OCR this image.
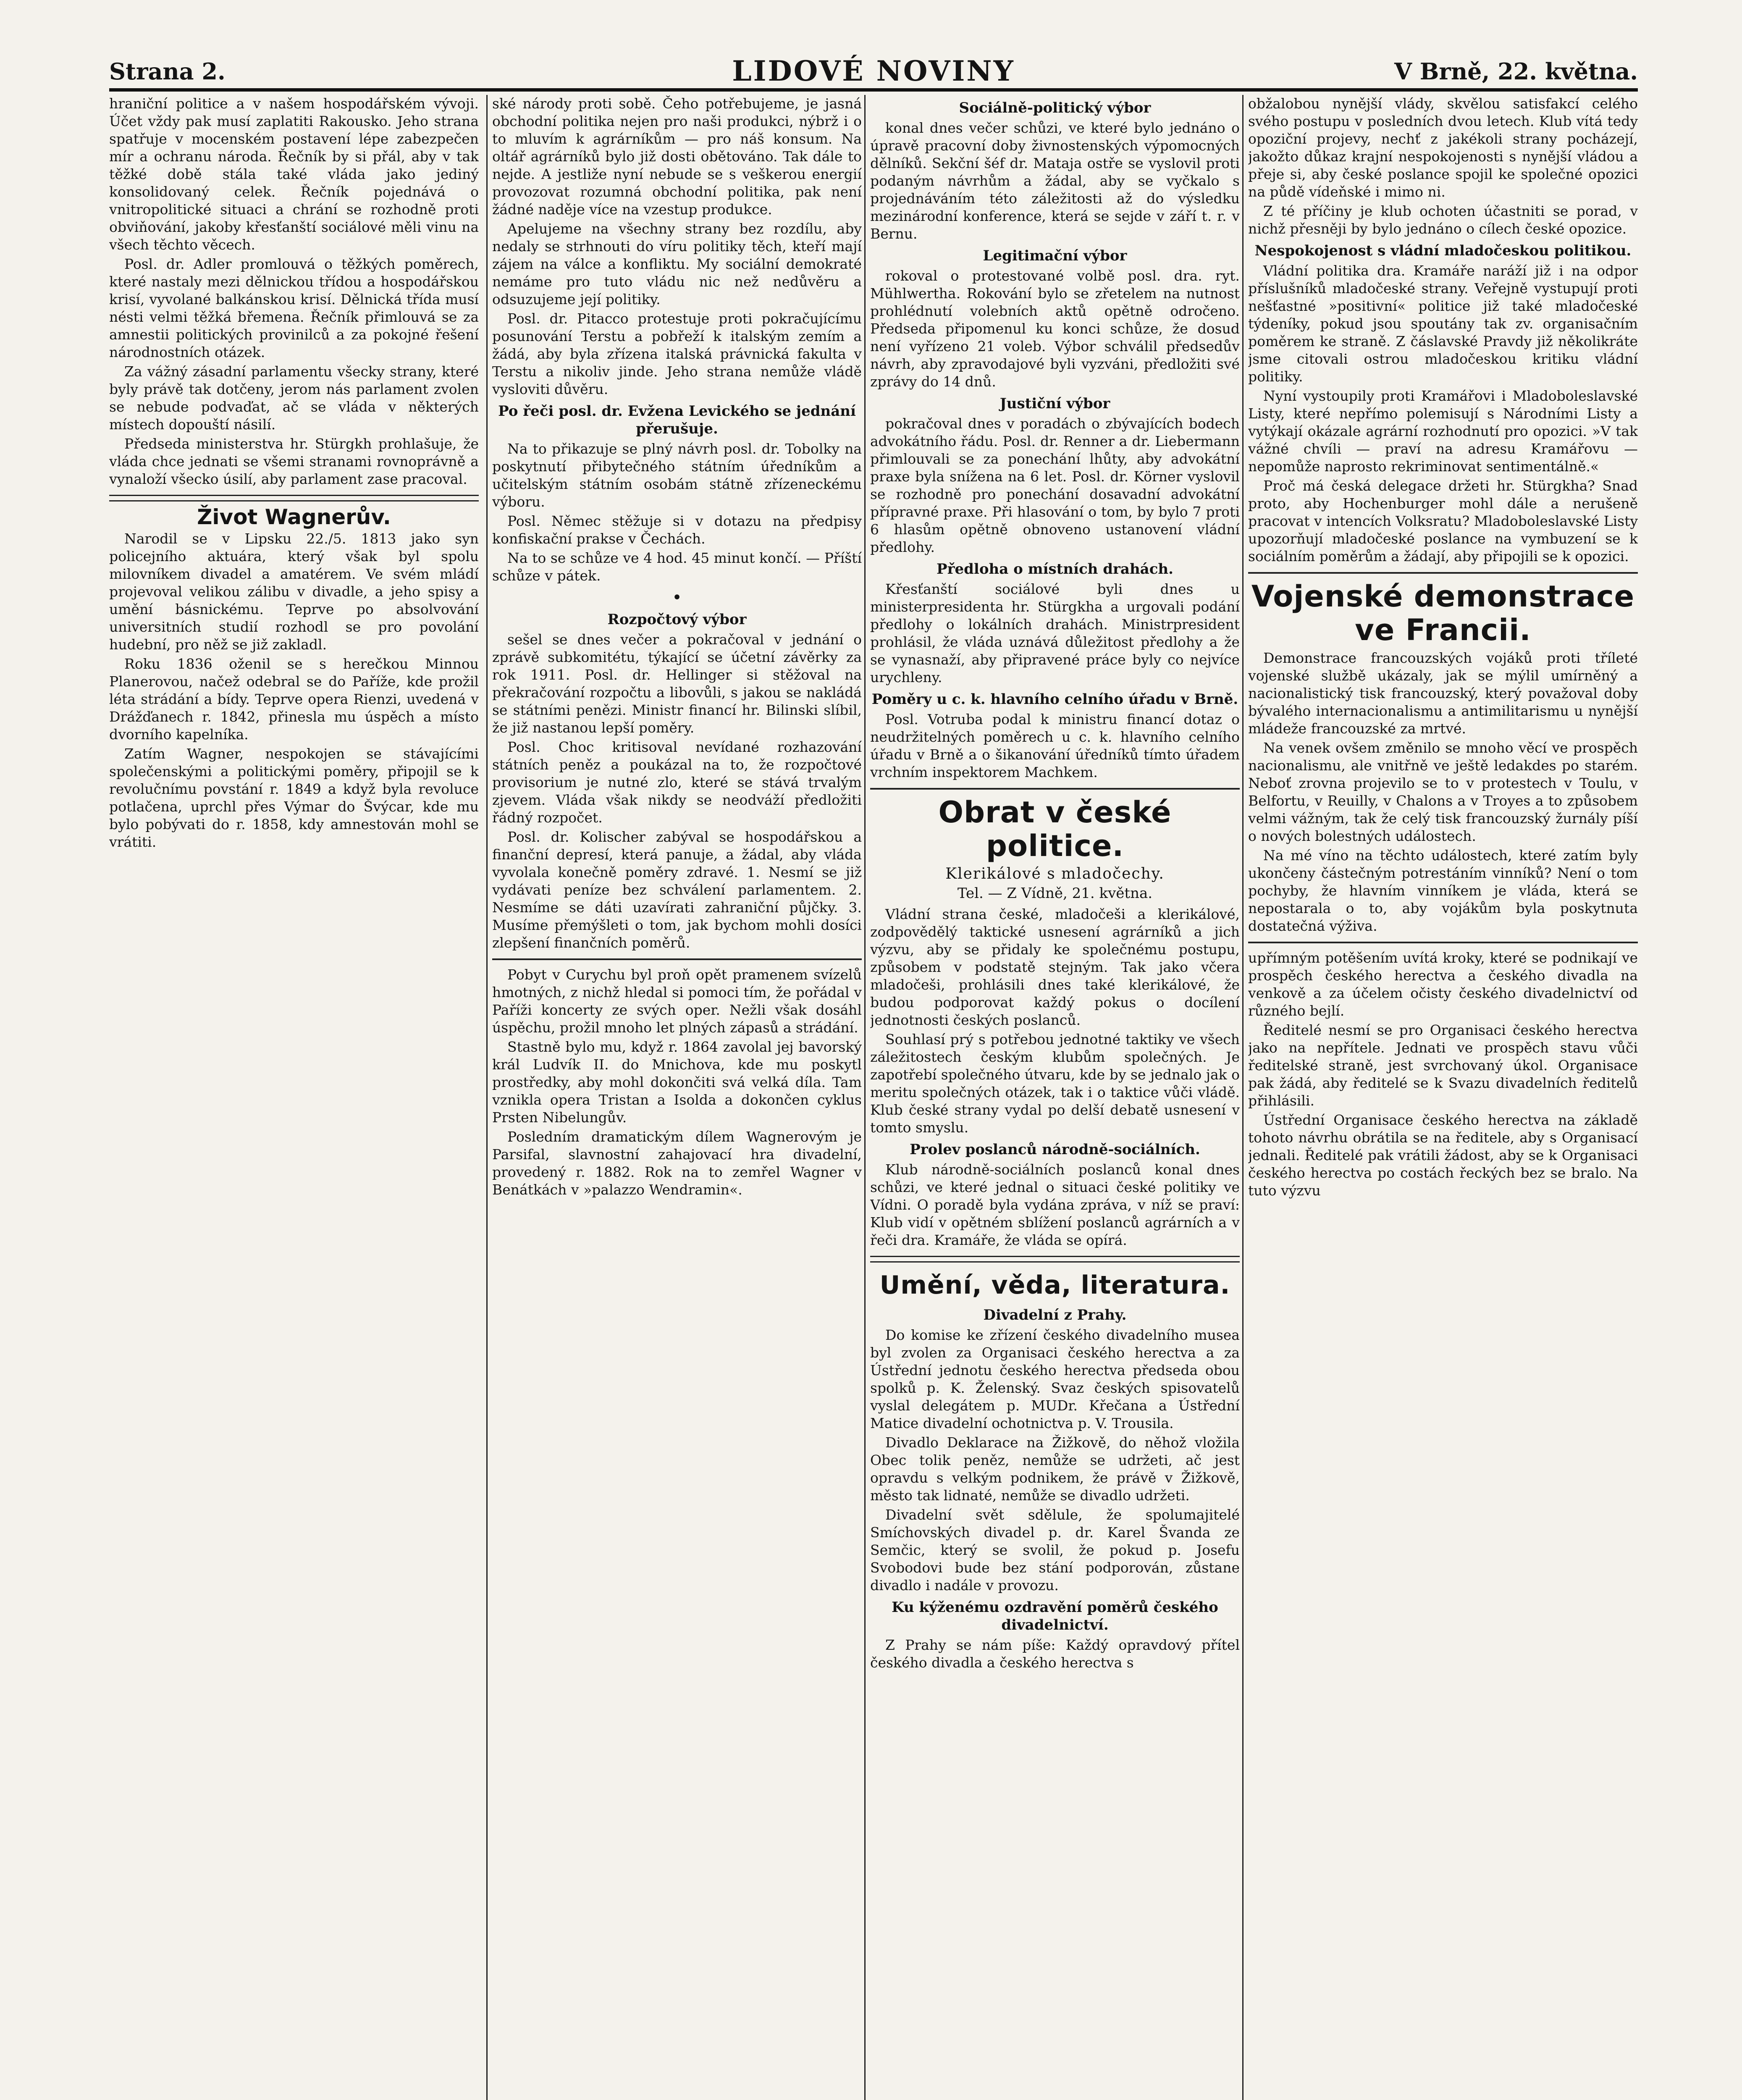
Strana 2.	LIDOVÉ NOVINY	V Brně, 22. května.

hraniční politice a v našem hospodářském vývoji. Účet vždy pak musí zaplatiti Rakousko. Jeho strana spatřuje v mocenském postavení lépe zabezpečen mír a ochranu národa. Řečník by si přál, aby v tak těžké době stála také vláda jako jediný konsolidovaný celek. Řečník pojednává o vnitropolitické situaci a chrání se rozhodně proti obviňování, jakoby křesťanští sociálové měli vinu na všech těchto věcech.

Posl. dr. Adler promlouvá o těžkých poměrech, které nastaly mezi dělnickou třídou a hospodářskou krisí, vyvolané balkánskou krisí. Dělnická třída musí nésti velmi těžká břemena. Řečník přimlouvá se za amnestii politických provinilců a za pokojné řešení národnostních otázek.

Za vážný zásadní parlamentu všecky strany, které byly právě tak dotčeny, jerom nás parlament zvolen se nebude podvaďat, ač se vláda v některých místech dopouští násilí.

Předseda ministerstva hr. Stürgkh prohlašuje, že vláda chce jednati se všemi stranami rovnoprávně a vynaloží všecko úsilí, aby parlament zase pracoval.

Život Wagnerův.

Narodil se v Lipsku 22./5. 1813 jako syn policejního aktuára, který však byl spolu milovníkem divadel a amatérem. Ve svém mládí projevoval velikou zálibu v divadle, a jeho spisy a umění básnickému. Teprve po absolvování universitních studií rozhodl se pro povolání hudební, pro něž se již zakladl.

Roku 1836 oženil se s herečkou Minnou Planerovou, načež odebral se do Paříže, kde prožil léta strádání a bídy. Teprve opera Rienzi, uvedená v Drážďanech r. 1842, přinesla mu úspěch a místo dvorního kapelníka.

Zatím Wagner, nespokojen se stávajícími společenskými a politickými poměry, připojil se k revolučnímu povstání r. 1849 a když byla revoluce potlačena, uprchl přes Výmar do Švýcar, kde mu bylo pobývati do r. 1858, kdy amnestován mohl se vrátiti.

ské národy proti sobě. Čeho potřebujeme, je jasná obchodní politika nejen pro naši produkci, nýbrž i o to mluvím k agrárníkům — pro náš konsum. Na oltář agrárníků bylo již dosti obětováno. Tak dále to nejde. A jestliže nyní nebude se s veškerou energií provozovat rozumná obchodní politika, pak není žádné naděje více na vzestup produkce.

Apelujeme na všechny strany bez rozdílu, aby nedaly se strhnouti do víru politiky těch, kteří mají zájem na válce a konfliktu. My sociální demokraté nemáme pro tuto vládu nic než nedůvěru a odsuzujeme její politiky.

Posl. dr. Pitacco protestuje proti pokračujícímu posunování Terstu a pobřeží k italským zemím a žádá, aby byla zřízena italská právnická fakulta v Terstu a nikoliv jinde. Jeho strana nemůže vládě vysloviti důvěru.

Po řeči posl. dr. Evžena Levického se jednání přerušuje.

Na to přikazuje se plný návrh posl. dr. Tobolky na poskytnutí přibytečného státním úředníkům a učitelským státním osobám státně zřízeneckému výboru.

Posl. Němec stěžuje si v dotazu na předpisy konfiskační prakse v Čechách.

Na to se schůze ve 4 hod. 45 minut končí. — Příští schůze v pátek.

•
Rozpočtový výbor

sešel se dnes večer a pokračoval v jednání o zprávě subkomitétu, týkající se účetní závěrky za rok 1911. Posl. dr. Hellinger si stěžoval na překračování rozpočtu a libovůli, s jakou se nakládá se státními penězi. Ministr financí hr. Bilinski slíbil, že již nastanou lepší poměry.

Posl. Choc kritisoval nevídané rozhazování státních peněz a poukázal na to, že rozpočtové provisorium je nutné zlo, které se stává trvalým zjevem. Vláda však nikdy se neodváží předložiti řádný rozpočet.

Posl. dr. Kolischer zabýval se hospodářskou a finanční depresí, která panuje, a žádal, aby vláda vyvolala konečně poměry zdravé. 1. Nesmí se již vydávati peníze bez schválení parlamentem. 2. Nesmíme se dáti uzavírati zahraniční půjčky. 3. Musíme přemýšleti o tom, jak bychom mohli dosíci zlepšení finančních poměrů.

Pobyt v Curychu byl proň opět pramenem svízelů hmotných, z nichž hledal si pomoci tím, že pořádal v Paříži koncerty ze svých oper. Nežli však dosáhl úspěchu, prožil mnoho let plných zápasů a strádání.

Stastně bylo mu, když r. 1864 zavolal jej bavorský král Ludvík II. do Mnichova, kde mu poskytl prostředky, aby mohl dokončiti svá velká díla. Tam vznikla opera Tristan a Isolda a dokončen cyklus Prsten Nibelungův.

Posledním dramatickým dílem Wagnerovým je Parsifal, slavnostní zahajovací hra divadelní, provedený r. 1882. Rok na to zemřel Wagner v Benátkách v »palazzo Wendramin«.

Sociálně-politický výbor

konal dnes večer schůzi, ve které bylo jednáno o úpravě pracovní doby živnostenských výpomocných dělníků. Sekční šéf dr. Mataja ostře se vyslovil proti podaným návrhům a žádal, aby se vyčkalo s projednáváním této záležitosti až do výsledku mezinárodní konference, která se sejde v září t. r. v Bernu.

Legitimační výbor

rokoval o protestované volbě posl. dra. ryt. Mühlwertha. Rokování bylo se zřetelem na nutnost prohlédnutí volebních aktů opětně odročeno. Předseda připomenul ku konci schůze, že dosud není vyřízeno 21 voleb. Výbor schválil předsedův návrh, aby zpravodajové byli vyzváni, předložiti své zprávy do 14 dnů.

Justiční výbor

pokračoval dnes v poradách o zbývajících bodech advokátního řádu. Posl. dr. Renner a dr. Liebermann přimlouvali se za ponechání lhůty, aby advokátní praxe byla snížena na 6 let. Posl. dr. Körner vyslovil se rozhodně pro ponechání dosavadní advokátní přípravné praxe. Při hlasování o tom, by bylo 7 proti 6 hlasům opětně obnoveno ustanovení vládní předlohy.

Předloha o místních drahách.

Křesťanští sociálové byli dnes u ministerpresidenta hr. Stürgkha a urgovali podání předlohy o lokálních drahách. Ministrpresident prohlásil, že vláda uznává důležitost předlohy a že se vynasnaží, aby připravené práce byly co nejvíce urychleny.

Poměry u c. k. hlavního celního úřadu v Brně.

Posl. Votruba podal k ministru financí dotaz o neudržitelných poměrech u c. k. hlavního celního úřadu v Brně a o šikanování úředníků tímto úřadem vrchním inspektorem Machkem.

Obrat v české politice.
Klerikálové s mladočechy.
Tel. — Z Vídně, 21. května.

Vládní strana české, mladočeši a klerikálové, zodpovědělý taktické usnesení agrárníků a jich výzvu, aby se přidaly ke společnému postupu, způsobem v podstatě stejným. Tak jako včera mladočeši, prohlásili dnes také klerikálové, že budou podporovat každý pokus o docílení jednotnosti českých poslanců.

Souhlasí prý s potřebou jednotné taktiky ve všech záležitostech českým klubům společných. Je zapotřebí společného útvaru, kde by se jednalo jak o meritu společných otázek, tak i o taktice vůči vládě. Klub české strany vydal po delší debatě usnesení v tomto smyslu.

Prolev poslanců národně-sociálních.

Klub národně-sociálních poslanců konal dnes schůzi, ve které jednal o situaci české politiky ve Vídni. O poradě byla vydána zpráva, v níž se praví: Klub vidí v opětném sblížení poslanců agrárních a v řeči dra. Kramáře, že vláda se opírá.

Umění, věda, literatura.
Divadelní z Prahy.

Do komise ke zřízení českého divadelního musea byl zvolen za Organisaci českého herectva a za Ústřední jednotu českého herectva předseda obou spolků p. K. Želenský. Svaz českých spisovatelů vyslal delegátem p. MUDr. Křečana a Ústřední Matice divadelní ochotnictva p. V. Trousila.

Divadlo Deklarace na Žižkově, do něhož vložila Obec tolik peněz, nemůže se udržeti, ač jest opravdu s velkým podnikem, že právě v Žižkově, město tak lidnaté, nemůže se divadlo udržeti.

Divadelní svět sdělule, že spolumajitelé Smíchovských divadel p. dr. Karel Švanda ze Semčic, který se svolil, že pokud p. Josefu Svobodovi bude bez stání podporován, zůstane divadlo i nadále v provozu.

Ku kýženému ozdravění poměrů českého divadelnictví.

Z Prahy se nám píše: Každý opravdový přítel českého divadla a českého herectva s

obžalobou nynější vlády, skvělou satisfakcí celého svého postupu v posledních dvou letech. Klub vítá tedy opoziční projevy, nechť z jakékoli strany pocházejí, jakožto důkaz krajní nespokojenosti s nynější vládou a přeje si, aby české poslance spojil ke společné opozici na půdě vídeňské i mimo ni.

Z té příčiny je klub ochoten účastniti se porad, v nichž přesněji by bylo jednáno o cílech české opozice.

Nespokojenost s vládní mladočeskou politikou.

Vládní politika dra. Kramáře naráží již i na odpor příslušníků mladočeské strany. Veřejně vystupují proti nešťastné »positivní« politice již také mladočeské týdeníky, pokud jsou spoutány tak zv. organisačním poměrem ke straně. Z čáslavské Pravdy již několikráte jsme citovali ostrou mladočeskou kritiku vládní politiky.

Nyní vystoupily proti Kramářovi i Mladoboleslavské Listy, které nepřímo polemisují s Národními Listy a vytýkají okázale agrární rozhodnutí pro opozici. »V tak vážné chvíli — praví na adresu Kramářovu — nepomůže naprosto rekriminovat sentimentálně.«

Proč má česká delegace držeti hr. Stürgkha? Snad proto, aby Hochenburger mohl dále a nerušeně pracovat v intencích Volksratu? Mladoboleslavské Listy upozorňují mladočeské poslance na vymbuzení se k sociálním poměrům a žádají, aby připojili se k opozici.

Vojenské demonstrace ve Francii.

Demonstrace francouzských vojáků proti tříleté vojenské službě ukázaly, jak se mýlil umírněný a nacionalistický tisk francouzský, který považoval doby bývalého internacionalismu a antimilitarismu u nynější mládeže francouzské za mrtvé.

Na venek ovšem změnilo se mnoho věcí ve prospěch nacionalismu, ale vnitřně ve ještě ledakdes po starém. Neboť zrovna projevilo se to v protestech v Toulu, v Belfortu, v Reuilly, v Chalons a v Troyes a to způsobem velmi vážným, tak že celý tisk francouzský žurnály píší o nových bolestných událostech.

Na mé víno na těchto událostech, které zatím byly ukončeny částečným potrestáním vinníků? Není o tom pochyby, že hlavním vinníkem je vláda, která se nepostarala o to, aby vojákům byla poskytnuta dostatečná výživa.

upřímným potěšením uvítá kroky, které se podnikají ve prospěch českého herectva a českého divadla na venkově a za účelem očisty českého divadelnictví od různého bejlí.

Ředitelé nesmí se pro Organisaci českého herectva jako na nepřítele. Jednati ve prospěch stavu vůči ředitelské straně, jest svrchovaný úkol. Organisace pak žádá, aby ředitelé se k Svazu divadelních ředitelů přihlásili.

Ústřední Organisace českého herectva na základě tohoto návrhu obrátila se na ředitele, aby s Organisací jednali. Ředitelé pak vrátili žádost, aby se k Organisaci českého herectva po costách řeckých bez se bralo. Na tuto výzvu
